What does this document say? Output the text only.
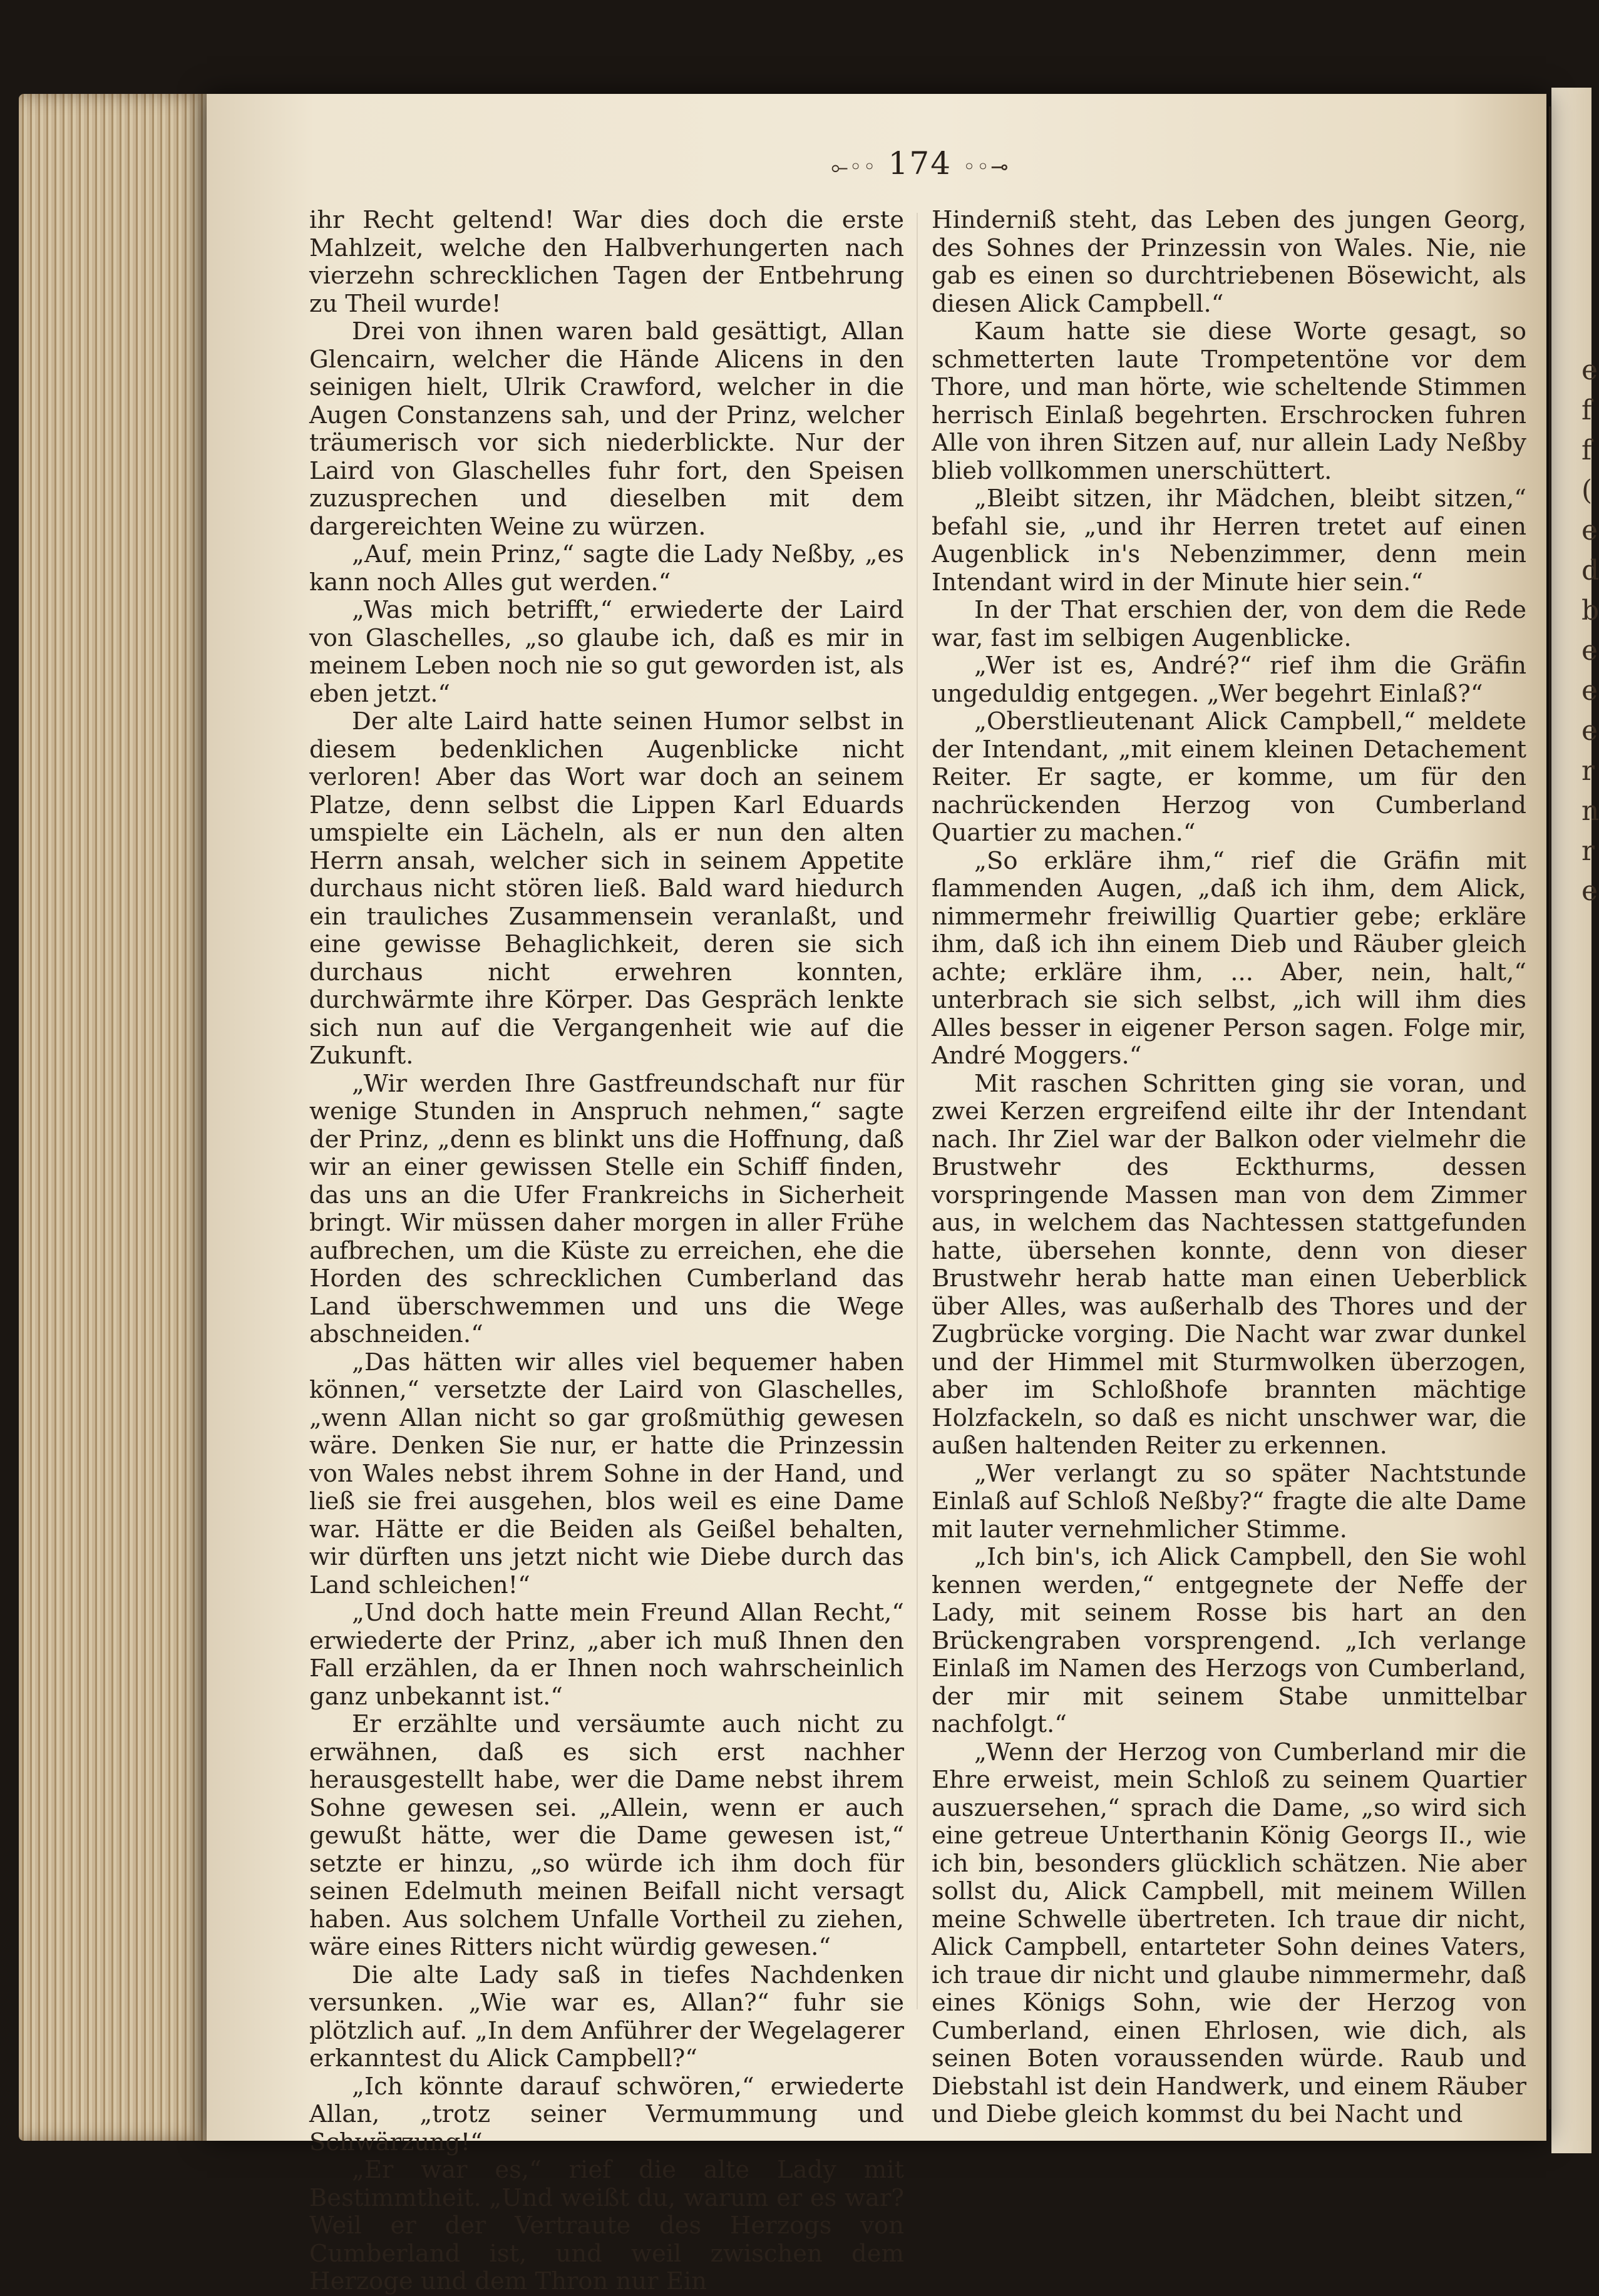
e
f
f
(
e
d
b
e
e
e
r
n
r
e
⟜◦◦ 174 ◦◦⊸

ihr Recht geltend! War dies doch die erste Mahlzeit, welche den Halbverhungerten nach vierzehn schrecklichen Tagen der Entbehrung zu Theil wurde!

Drei von ihnen waren bald gesättigt, Allan Glencairn, welcher die Hände Alicens in den seinigen hielt, Ulrik Crawford, welcher in die Augen Constanzens sah, und der Prinz, welcher träumerisch vor sich niederblickte. Nur der Laird von Glaschelles fuhr fort, den Speisen zuzusprechen und dieselben mit dem dargereichten Weine zu würzen.

„Auf, mein Prinz,“ sagte die Lady Neßby, „es kann noch Alles gut werden.“

„Was mich betrifft,“ erwiederte der Laird von Glaschelles, „so glaube ich, daß es mir in meinem Leben noch nie so gut geworden ist, als eben jetzt.“

Der alte Laird hatte seinen Humor selbst in diesem bedenklichen Augenblicke nicht verloren! Aber das Wort war doch an seinem Platze, denn selbst die Lippen Karl Eduards umspielte ein Lächeln, als er nun den alten Herrn ansah, welcher sich in seinem Appetite durchaus nicht stören ließ. Bald ward hiedurch ein trauliches Zusammensein veranlaßt, und eine gewisse Behaglichkeit, deren sie sich durchaus nicht erwehren konnten, durchwärmte ihre Körper. Das Gespräch lenkte sich nun auf die Vergangenheit wie auf die Zukunft.

„Wir werden Ihre Gastfreundschaft nur für wenige Stunden in Anspruch nehmen,“ sagte der Prinz, „denn es blinkt uns die Hoffnung, daß wir an einer gewissen Stelle ein Schiff finden, das uns an die Ufer Frankreichs in Sicherheit bringt. Wir müssen daher morgen in aller Frühe aufbrechen, um die Küste zu erreichen, ehe die Horden des schrecklichen Cumberland das Land überschwemmen und uns die Wege abschneiden.“

„Das hätten wir alles viel bequemer haben können,“ versetzte der Laird von Glaschelles, „wenn Allan nicht so gar großmüthig gewesen wäre. Denken Sie nur, er hatte die Prinzessin von Wales nebst ihrem Sohne in der Hand, und ließ sie frei ausgehen, blos weil es eine Dame war. Hätte er die Beiden als Geißel behalten, wir dürften uns jetzt nicht wie Diebe durch das Land schleichen!“

„Und doch hatte mein Freund Allan Recht,“ erwiederte der Prinz, „aber ich muß Ihnen den Fall erzählen, da er Ihnen noch wahrscheinlich ganz unbekannt ist.“

Er erzählte und versäumte auch nicht zu erwähnen, daß es sich erst nachher herausgestellt habe, wer die Dame nebst ihrem Sohne gewesen sei. „Allein, wenn er auch gewußt hätte, wer die Dame gewesen ist,“ setzte er hinzu, „so würde ich ihm doch für seinen Edelmuth meinen Beifall nicht versagt haben. Aus solchem Unfalle Vortheil zu ziehen, wäre eines Ritters nicht würdig gewesen.“

Die alte Lady saß in tiefes Nachdenken versunken. „Wie war es, Allan?“ fuhr sie plötzlich auf. „In dem Anführer der Wegelagerer erkanntest du Alick Campbell?“

„Ich könnte darauf schwören,“ erwiederte Allan, „trotz seiner Vermummung und Schwärzung!“

„Er war es,“ rief die alte Lady mit Bestimmtheit. „Und weißt du, warum er es war? Weil er der Vertraute des Herzogs von Cumberland ist, und weil zwischen dem Herzoge und dem Thron nur Ein

Hinderniß steht, das Leben des jungen Georg, des Sohnes der Prinzessin von Wales. Nie, nie gab es einen so durchtriebenen Bösewicht, als diesen Alick Campbell.“

Kaum hatte sie diese Worte gesagt, so schmetterten laute Trompetentöne vor dem Thore, und man hörte, wie scheltende Stimmen herrisch Einlaß begehrten. Erschrocken fuhren Alle von ihren Sitzen auf, nur allein Lady Neßby blieb vollkommen unerschüttert.

„Bleibt sitzen, ihr Mädchen, bleibt sitzen,“ befahl sie, „und ihr Herren tretet auf einen Augenblick in's Nebenzimmer, denn mein Intendant wird in der Minute hier sein.“

In der That erschien der, von dem die Rede war, fast im selbigen Augenblicke.

„Wer ist es, André?“ rief ihm die Gräfin ungeduldig entgegen. „Wer begehrt Einlaß?“

„Oberstlieutenant Alick Campbell,“ meldete der Intendant, „mit einem kleinen Detachement Reiter. Er sagte, er komme, um für den nachrückenden Herzog von Cumberland Quartier zu machen.“

„So erkläre ihm,“ rief die Gräfin mit flammenden Augen, „daß ich ihm, dem Alick, nimmermehr freiwillig Quartier gebe; erkläre ihm, daß ich ihn einem Dieb und Räuber gleich achte; erkläre ihm, ... Aber, nein, halt,“ unterbrach sie sich selbst, „ich will ihm dies Alles besser in eigener Person sagen. Folge mir, André Moggers.“

Mit raschen Schritten ging sie voran, und zwei Kerzen ergreifend eilte ihr der Intendant nach. Ihr Ziel war der Balkon oder vielmehr die Brustwehr des Eckthurms, dessen vorspringende Massen man von dem Zimmer aus, in welchem das Nachtessen stattgefunden hatte, übersehen konnte, denn von dieser Brustwehr herab hatte man einen Ueberblick über Alles, was außerhalb des Thores und der Zugbrücke vorging. Die Nacht war zwar dunkel und der Himmel mit Sturmwolken überzogen, aber im Schloßhofe brannten mächtige Holzfackeln, so daß es nicht unschwer war, die außen haltenden Reiter zu erkennen.

„Wer verlangt zu so später Nachtstunde Einlaß auf Schloß Neßby?“ fragte die alte Dame mit lauter vernehmlicher Stimme.

„Ich bin's, ich Alick Campbell, den Sie wohl kennen werden,“ entgegnete der Neffe der Lady, mit seinem Rosse bis hart an den Brückengraben vorsprengend. „Ich verlange Einlaß im Namen des Herzogs von Cumberland, der mir mit seinem Stabe unmittelbar nachfolgt.“

„Wenn der Herzog von Cumberland mir die Ehre erweist, mein Schloß zu seinem Quartier auszuersehen,“ sprach die Dame, „so wird sich eine getreue Unterthanin König Georgs II., wie ich bin, besonders glücklich schätzen. Nie aber sollst du, Alick Campbell, mit meinem Willen meine Schwelle übertreten. Ich traue dir nicht, Alick Campbell, entarteter Sohn deines Vaters, ich traue dir nicht und glaube nimmermehr, daß eines Königs Sohn, wie der Herzog von Cumberland, einen Ehrlosen, wie dich, als seinen Boten voraussenden würde. Raub und Diebstahl ist dein Handwerk, und einem Räuber und Diebe gleich kommst du bei Nacht und
